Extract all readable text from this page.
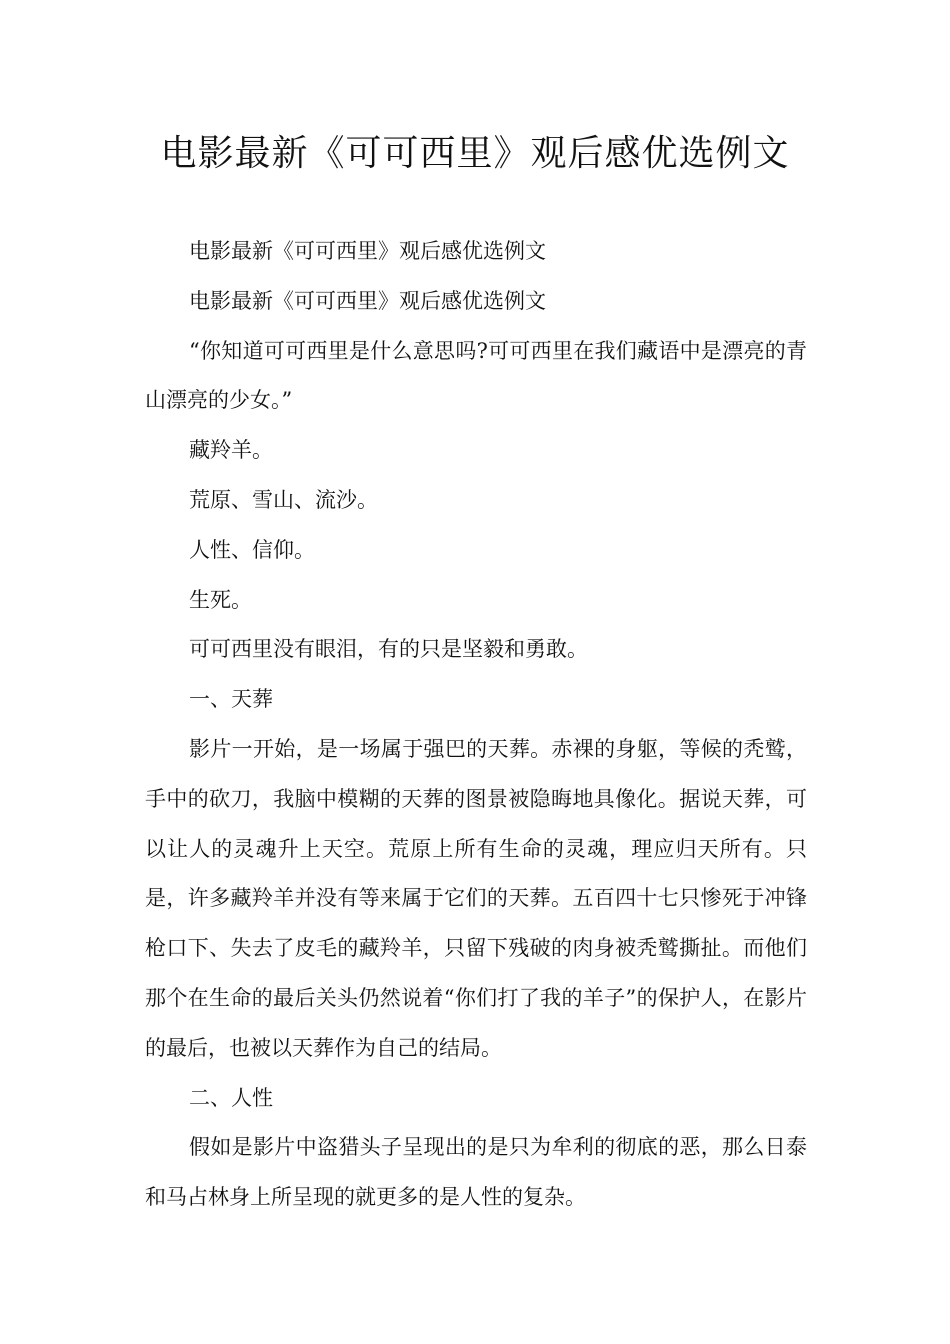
电影最新《可可西里》观后感优选例文

电影最新《可可西里》观后感优选例文

电影最新《可可西里》观后感优选例文

“你知道可可西里是什么意思吗?可可西里在我们藏语中是漂亮的青山漂亮的少女。”

藏羚羊。

荒原、雪山、流沙。

人性、信仰。

生死。

可可西里没有眼泪，有的只是坚毅和勇敢。

一、天葬

影片一开始，是一场属于强巴的天葬。赤裸的身躯，等候的秃鹫，手中的砍刀，我脑中模糊的天葬的图景被隐晦地具像化。据说天葬，可以让人的灵魂升上天空。荒原上所有生命的灵魂，理应归天所有。只是，许多藏羚羊并没有等来属于它们的天葬。五百四十七只惨死于冲锋枪口下、失去了皮毛的藏羚羊，只留下残破的肉身被秃鹫撕扯。而他们那个在生命的最后关头仍然说着“你们打了我的羊子”的保护人，在影片的最后，也被以天葬作为自己的结局。

二、人性

假如是影片中盗猎头子呈现出的是只为牟利的彻底的恶，那么日泰和马占林身上所呈现的就更多的是人性的复杂。
